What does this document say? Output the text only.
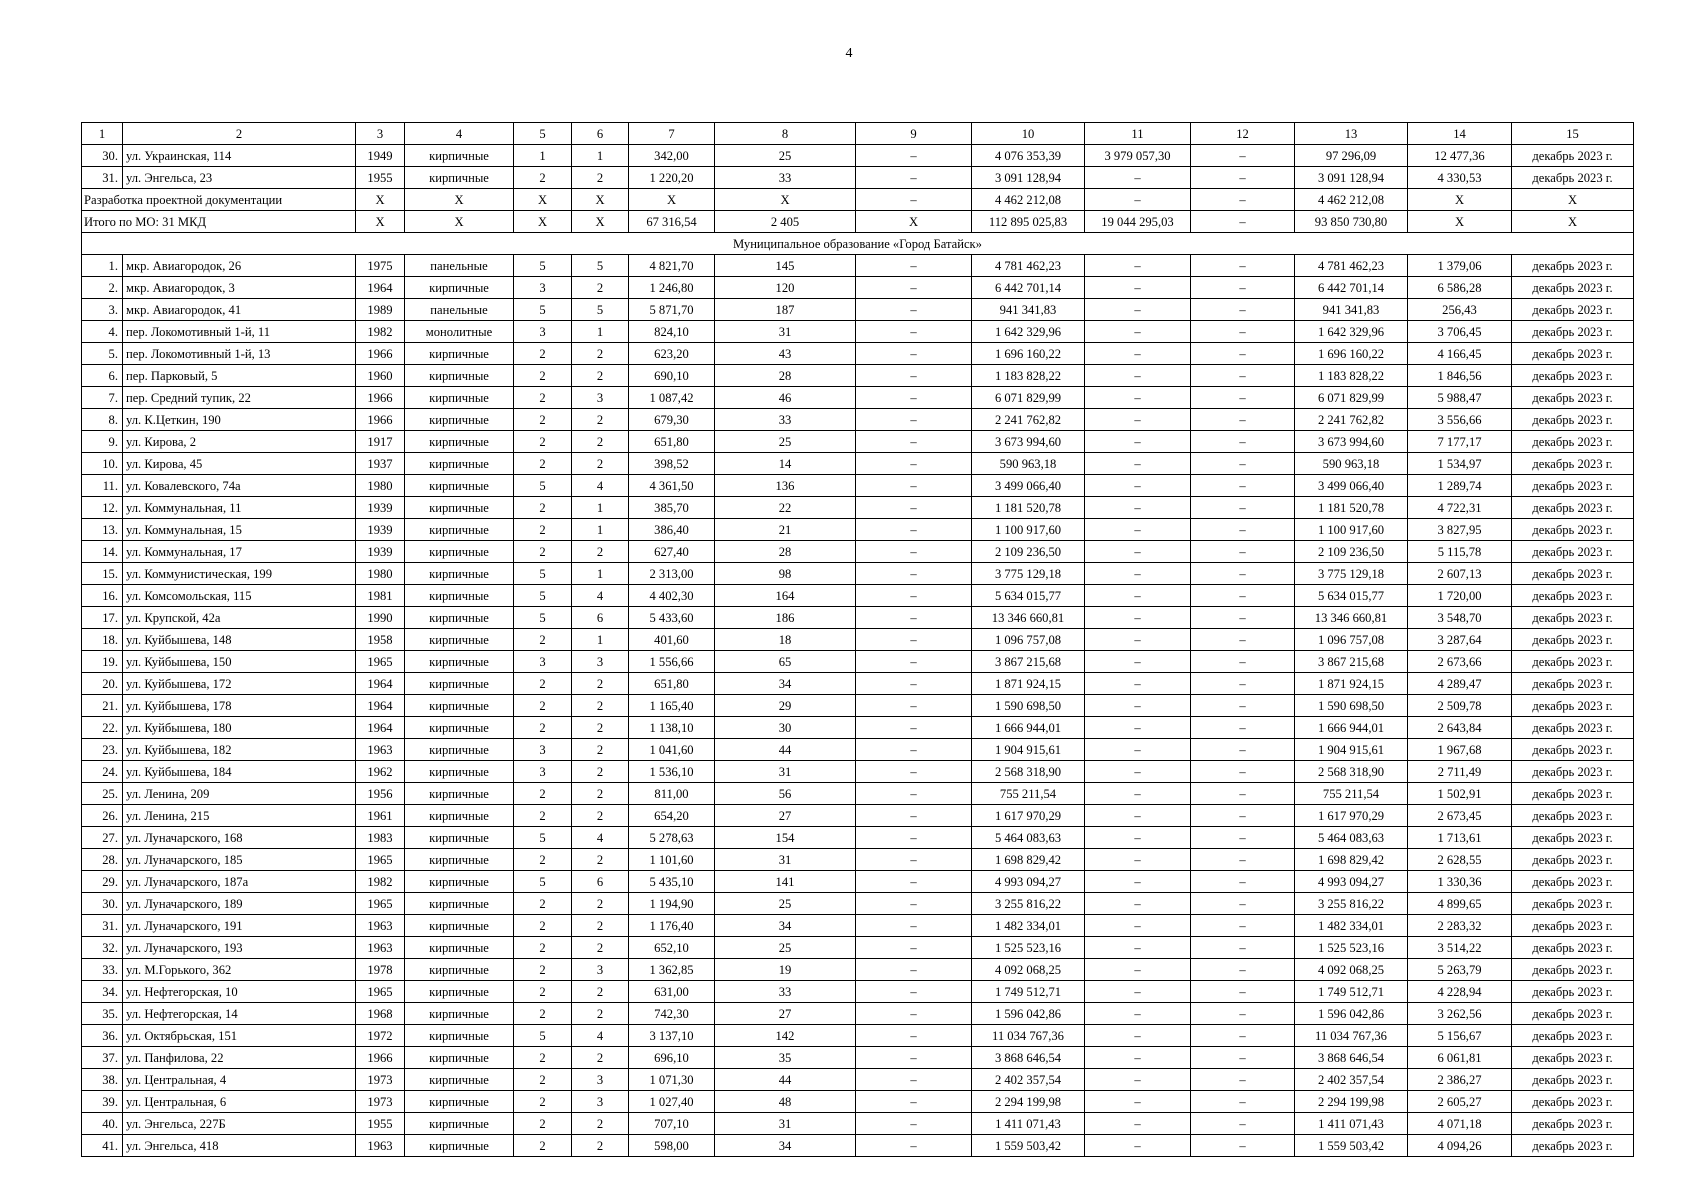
4
1	2	3	4	5	6	7	8	9	10	11	12	13	14	15
30.	ул. Украинская, 114	1949	кирпичные	1	1	342,00	25	–	4 076 353,39	3 979 057,30	–	97 296,09	12 477,36	декабрь 2023 г.
31.	ул. Энгельса, 23	1955	кирпичные	2	2	1 220,20	33	–	3 091 128,94	–	–	3 091 128,94	4 330,53	декабрь 2023 г.
Разработка проектной документации		X	X	X	X	X	X	–	4 462 212,08	–	–	4 462 212,08	X	X
Итого по МО: 31 МКД		X	X	X	X	67 316,54	2 405	X	112 895 025,83	19 044 295,03	–	93 850 730,80	X	X
Муниципальное образование «Город Батайск»														
1.	мкр. Авиагородок, 26	1975	панельные	5	5	4 821,70	145	–	4 781 462,23	–	–	4 781 462,23	1 379,06	декабрь 2023 г.
2.	мкр. Авиагородок, 3	1964	кирпичные	3	2	1 246,80	120	–	6 442 701,14	–	–	6 442 701,14	6 586,28	декабрь 2023 г.
3.	мкр. Авиагородок, 41	1989	панельные	5	5	5 871,70	187	–	941 341,83	–	–	941 341,83	256,43	декабрь 2023 г.
4.	пер. Локомотивный 1-й, 11	1982	монолитные	3	1	824,10	31	–	1 642 329,96	–	–	1 642 329,96	3 706,45	декабрь 2023 г.
5.	пер. Локомотивный 1-й, 13	1966	кирпичные	2	2	623,20	43	–	1 696 160,22	–	–	1 696 160,22	4 166,45	декабрь 2023 г.
6.	пер. Парковый, 5	1960	кирпичные	2	2	690,10	28	–	1 183 828,22	–	–	1 183 828,22	1 846,56	декабрь 2023 г.
7.	пер. Средний тупик, 22	1966	кирпичные	2	3	1 087,42	46	–	6 071 829,99	–	–	6 071 829,99	5 988,47	декабрь 2023 г.
8.	ул. К.Цеткин, 190	1966	кирпичные	2	2	679,30	33	–	2 241 762,82	–	–	2 241 762,82	3 556,66	декабрь 2023 г.
9.	ул. Кирова, 2	1917	кирпичные	2	2	651,80	25	–	3 673 994,60	–	–	3 673 994,60	7 177,17	декабрь 2023 г.
10.	ул. Кирова, 45	1937	кирпичные	2	2	398,52	14	–	590 963,18	–	–	590 963,18	1 534,97	декабрь 2023 г.
11.	ул. Ковалевского, 74а	1980	кирпичные	5	4	4 361,50	136	–	3 499 066,40	–	–	3 499 066,40	1 289,74	декабрь 2023 г.
12.	ул. Коммунальная, 11	1939	кирпичные	2	1	385,70	22	–	1 181 520,78	–	–	1 181 520,78	4 722,31	декабрь 2023 г.
13.	ул. Коммунальная, 15	1939	кирпичные	2	1	386,40	21	–	1 100 917,60	–	–	1 100 917,60	3 827,95	декабрь 2023 г.
14.	ул. Коммунальная, 17	1939	кирпичные	2	2	627,40	28	–	2 109 236,50	–	–	2 109 236,50	5 115,78	декабрь 2023 г.
15.	ул. Коммунистическая, 199	1980	кирпичные	5	1	2 313,00	98	–	3 775 129,18	–	–	3 775 129,18	2 607,13	декабрь 2023 г.
16.	ул. Комсомольская, 115	1981	кирпичные	5	4	4 402,30	164	–	5 634 015,77	–	–	5 634 015,77	1 720,00	декабрь 2023 г.
17.	ул. Крупской, 42а	1990	кирпичные	5	6	5 433,60	186	–	13 346 660,81	–	–	13 346 660,81	3 548,70	декабрь 2023 г.
18.	ул. Куйбышева, 148	1958	кирпичные	2	1	401,60	18	–	1 096 757,08	–	–	1 096 757,08	3 287,64	декабрь 2023 г.
19.	ул. Куйбышева, 150	1965	кирпичные	3	3	1 556,66	65	–	3 867 215,68	–	–	3 867 215,68	2 673,66	декабрь 2023 г.
20.	ул. Куйбышева, 172	1964	кирпичные	2	2	651,80	34	–	1 871 924,15	–	–	1 871 924,15	4 289,47	декабрь 2023 г.
21.	ул. Куйбышева, 178	1964	кирпичные	2	2	1 165,40	29	–	1 590 698,50	–	–	1 590 698,50	2 509,78	декабрь 2023 г.
22.	ул. Куйбышева, 180	1964	кирпичные	2	2	1 138,10	30	–	1 666 944,01	–	–	1 666 944,01	2 643,84	декабрь 2023 г.
23.	ул. Куйбышева, 182	1963	кирпичные	3	2	1 041,60	44	–	1 904 915,61	–	–	1 904 915,61	1 967,68	декабрь 2023 г.
24.	ул. Куйбышева, 184	1962	кирпичные	3	2	1 536,10	31	–	2 568 318,90	–	–	2 568 318,90	2 711,49	декабрь 2023 г.
25.	ул. Ленина, 209	1956	кирпичные	2	2	811,00	56	–	755 211,54	–	–	755 211,54	1 502,91	декабрь 2023 г.
26.	ул. Ленина, 215	1961	кирпичные	2	2	654,20	27	–	1 617 970,29	–	–	1 617 970,29	2 673,45	декабрь 2023 г.
27.	ул. Луначарского, 168	1983	кирпичные	5	4	5 278,63	154	–	5 464 083,63	–	–	5 464 083,63	1 713,61	декабрь 2023 г.
28.	ул. Луначарского, 185	1965	кирпичные	2	2	1 101,60	31	–	1 698 829,42	–	–	1 698 829,42	2 628,55	декабрь 2023 г.
29.	ул. Луначарского, 187а	1982	кирпичные	5	6	5 435,10	141	–	4 993 094,27	–	–	4 993 094,27	1 330,36	декабрь 2023 г.
30.	ул. Луначарского, 189	1965	кирпичные	2	2	1 194,90	25	–	3 255 816,22	–	–	3 255 816,22	4 899,65	декабрь 2023 г.
31.	ул. Луначарского, 191	1963	кирпичные	2	2	1 176,40	34	–	1 482 334,01	–	–	1 482 334,01	2 283,32	декабрь 2023 г.
32.	ул. Луначарского, 193	1963	кирпичные	2	2	652,10	25	–	1 525 523,16	–	–	1 525 523,16	3 514,22	декабрь 2023 г.
33.	ул. М.Горького, 362	1978	кирпичные	2	3	1 362,85	19	–	4 092 068,25	–	–	4 092 068,25	5 263,79	декабрь 2023 г.
34.	ул. Нефтегорская, 10	1965	кирпичные	2	2	631,00	33	–	1 749 512,71	–	–	1 749 512,71	4 228,94	декабрь 2023 г.
35.	ул. Нефтегорская, 14	1968	кирпичные	2	2	742,30	27	–	1 596 042,86	–	–	1 596 042,86	3 262,56	декабрь 2023 г.
36.	ул. Октябрьская, 151	1972	кирпичные	5	4	3 137,10	142	–	11 034 767,36	–	–	11 034 767,36	5 156,67	декабрь 2023 г.
37.	ул. Панфилова, 22	1966	кирпичные	2	2	696,10	35	–	3 868 646,54	–	–	3 868 646,54	6 061,81	декабрь 2023 г.
38.	ул. Центральная, 4	1973	кирпичные	2	3	1 071,30	44	–	2 402 357,54	–	–	2 402 357,54	2 386,27	декабрь 2023 г.
39.	ул. Центральная, 6	1973	кирпичные	2	3	1 027,40	48	–	2 294 199,98	–	–	2 294 199,98	2 605,27	декабрь 2023 г.
40.	ул. Энгельса, 227Б	1955	кирпичные	2	2	707,10	31	–	1 411 071,43	–	–	1 411 071,43	4 071,18	декабрь 2023 г.
41.	ул. Энгельса, 418	1963	кирпичные	2	2	598,00	34	–	1 559 503,42	–	–	1 559 503,42	4 094,26	декабрь 2023 г.
